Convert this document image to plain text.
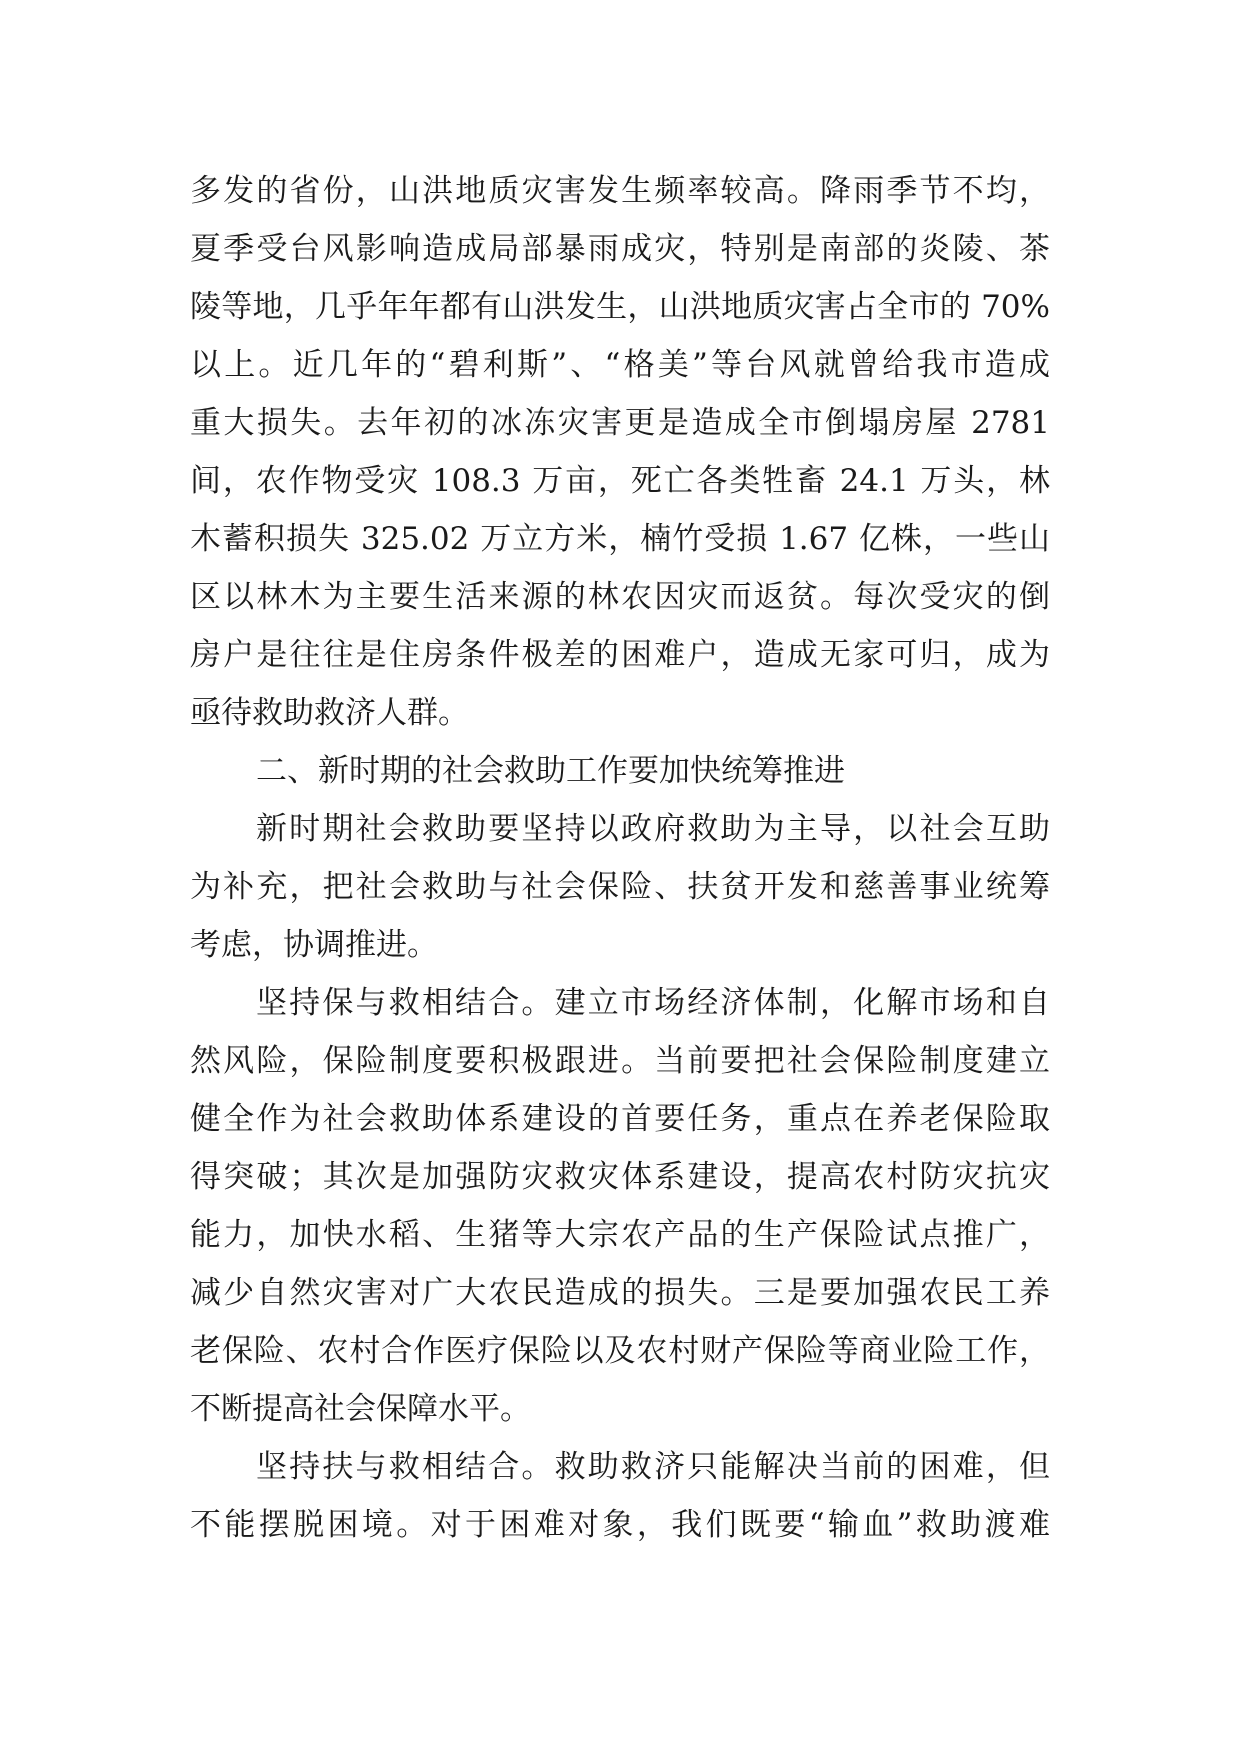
多发的省份，山洪地质灾害发生频率较高。降雨季节不均，
夏季受台风影响造成局部暴雨成灾，特别是南部的炎陵、茶
陵等地，几乎年年都有山洪发生，山洪地质灾害占全市的 70%
以上。近几年的“碧利斯”、“格美”等台风就曾给我市造成
重大损失。去年初的冰冻灾害更是造成全市倒塌房屋 2781
间，农作物受灾 108.3 万亩，死亡各类牲畜 24.1 万头，林
木蓄积损失 325.02 万立方米，楠竹受损 1.67 亿株，一些山
区以林木为主要生活来源的林农因灾而返贫。每次受灾的倒
房户是往往是住房条件极差的困难户，造成无家可归，成为
亟待救助救济人群。
二、新时期的社会救助工作要加快统筹推进
新时期社会救助要坚持以政府救助为主导，以社会互助
为补充，把社会救助与社会保险、扶贫开发和慈善事业统筹
考虑，协调推进。
坚持保与救相结合。建立市场经济体制，化解市场和自
然风险，保险制度要积极跟进。当前要把社会保险制度建立
健全作为社会救助体系建设的首要任务，重点在养老保险取
得突破；其次是加强防灾救灾体系建设，提高农村防灾抗灾
能力，加快水稻、生猪等大宗农产品的生产保险试点推广，
减少自然灾害对广大农民造成的损失。三是要加强农民工养
老保险、农村合作医疗保险以及农村财产保险等商业险工作，
不断提高社会保障水平。
坚持扶与救相结合。救助救济只能解决当前的困难，但
不能摆脱困境。对于困难对象，我们既要“输血”救助渡难
